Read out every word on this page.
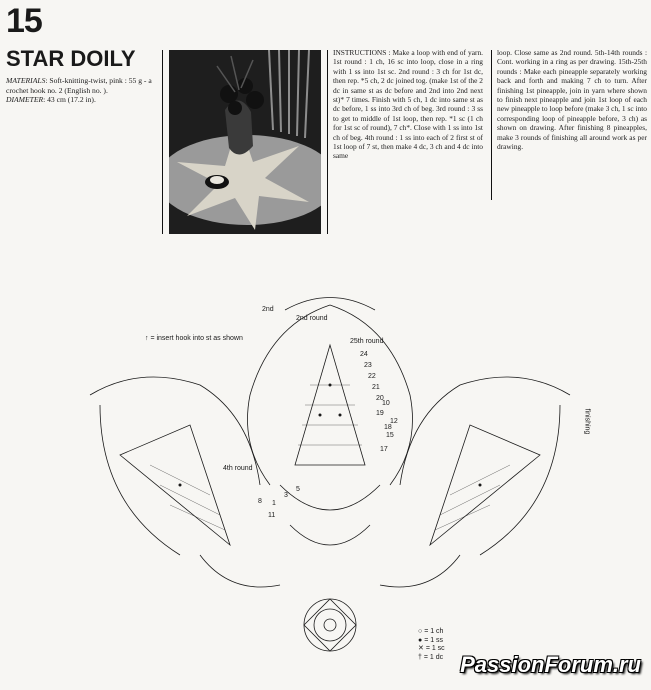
15
STAR DOILY
MATERIALS: Soft-knitting-twist, pink : 55 g - a crochet hook no. 2 (English no. ).
DIAMETER: 43 cm (17.2 in).
INSTRUCTIONS : Make a loop with end of yarn. 1st round : 1 ch, 16 sc into loop, close in a ring with 1 ss into 1st sc. 2nd round : 3 ch for 1st dc, then rep. *5 ch, 2 dc joined tog. (make 1st of the 2 dc in same st as dc before and 2nd into 2nd next st)* 7 times. Finish with 5 ch, 1 dc into same st as dc before, 1 ss into 3rd ch of beg. 3rd round : 3 ss to get to middle of 1st loop, then rep. *1 sc (1 ch for 1st sc of round), 7 ch*. Close with 1 ss into 1st ch of beg. 4th round : 1 ss into each of 2 first st of 1st loop of 7 st, then make 4 dc, 3 ch and 4 dc into same
loop. Close same as 2nd round. 5th-14th rounds : Cont. working in a ring as per drawing. 15th-25th rounds : Make each pineapple separately working back and forth and making 7 ch to turn. After finishing 1st pineapple, join in yarn where shown to finish next pineapple and join 1st loop of each new pineapple to loop before (make 3 ch, 1 sc into corresponding loop of pineapple before, 3 ch) as shown on drawing. After finishing 8 pineapples, make 3 rounds of finishing all around work as per drawing.
↑ = insert hook into st as shown
2nd
2nd round
25th round
4th round
finishing
1
3
5
10
12
15
17
18
19
20
21
22
23
24
11
8
○ = 1 ch
● = 1 ss
✕ = 1 sc
† = 1 dc PassionForum.ru
